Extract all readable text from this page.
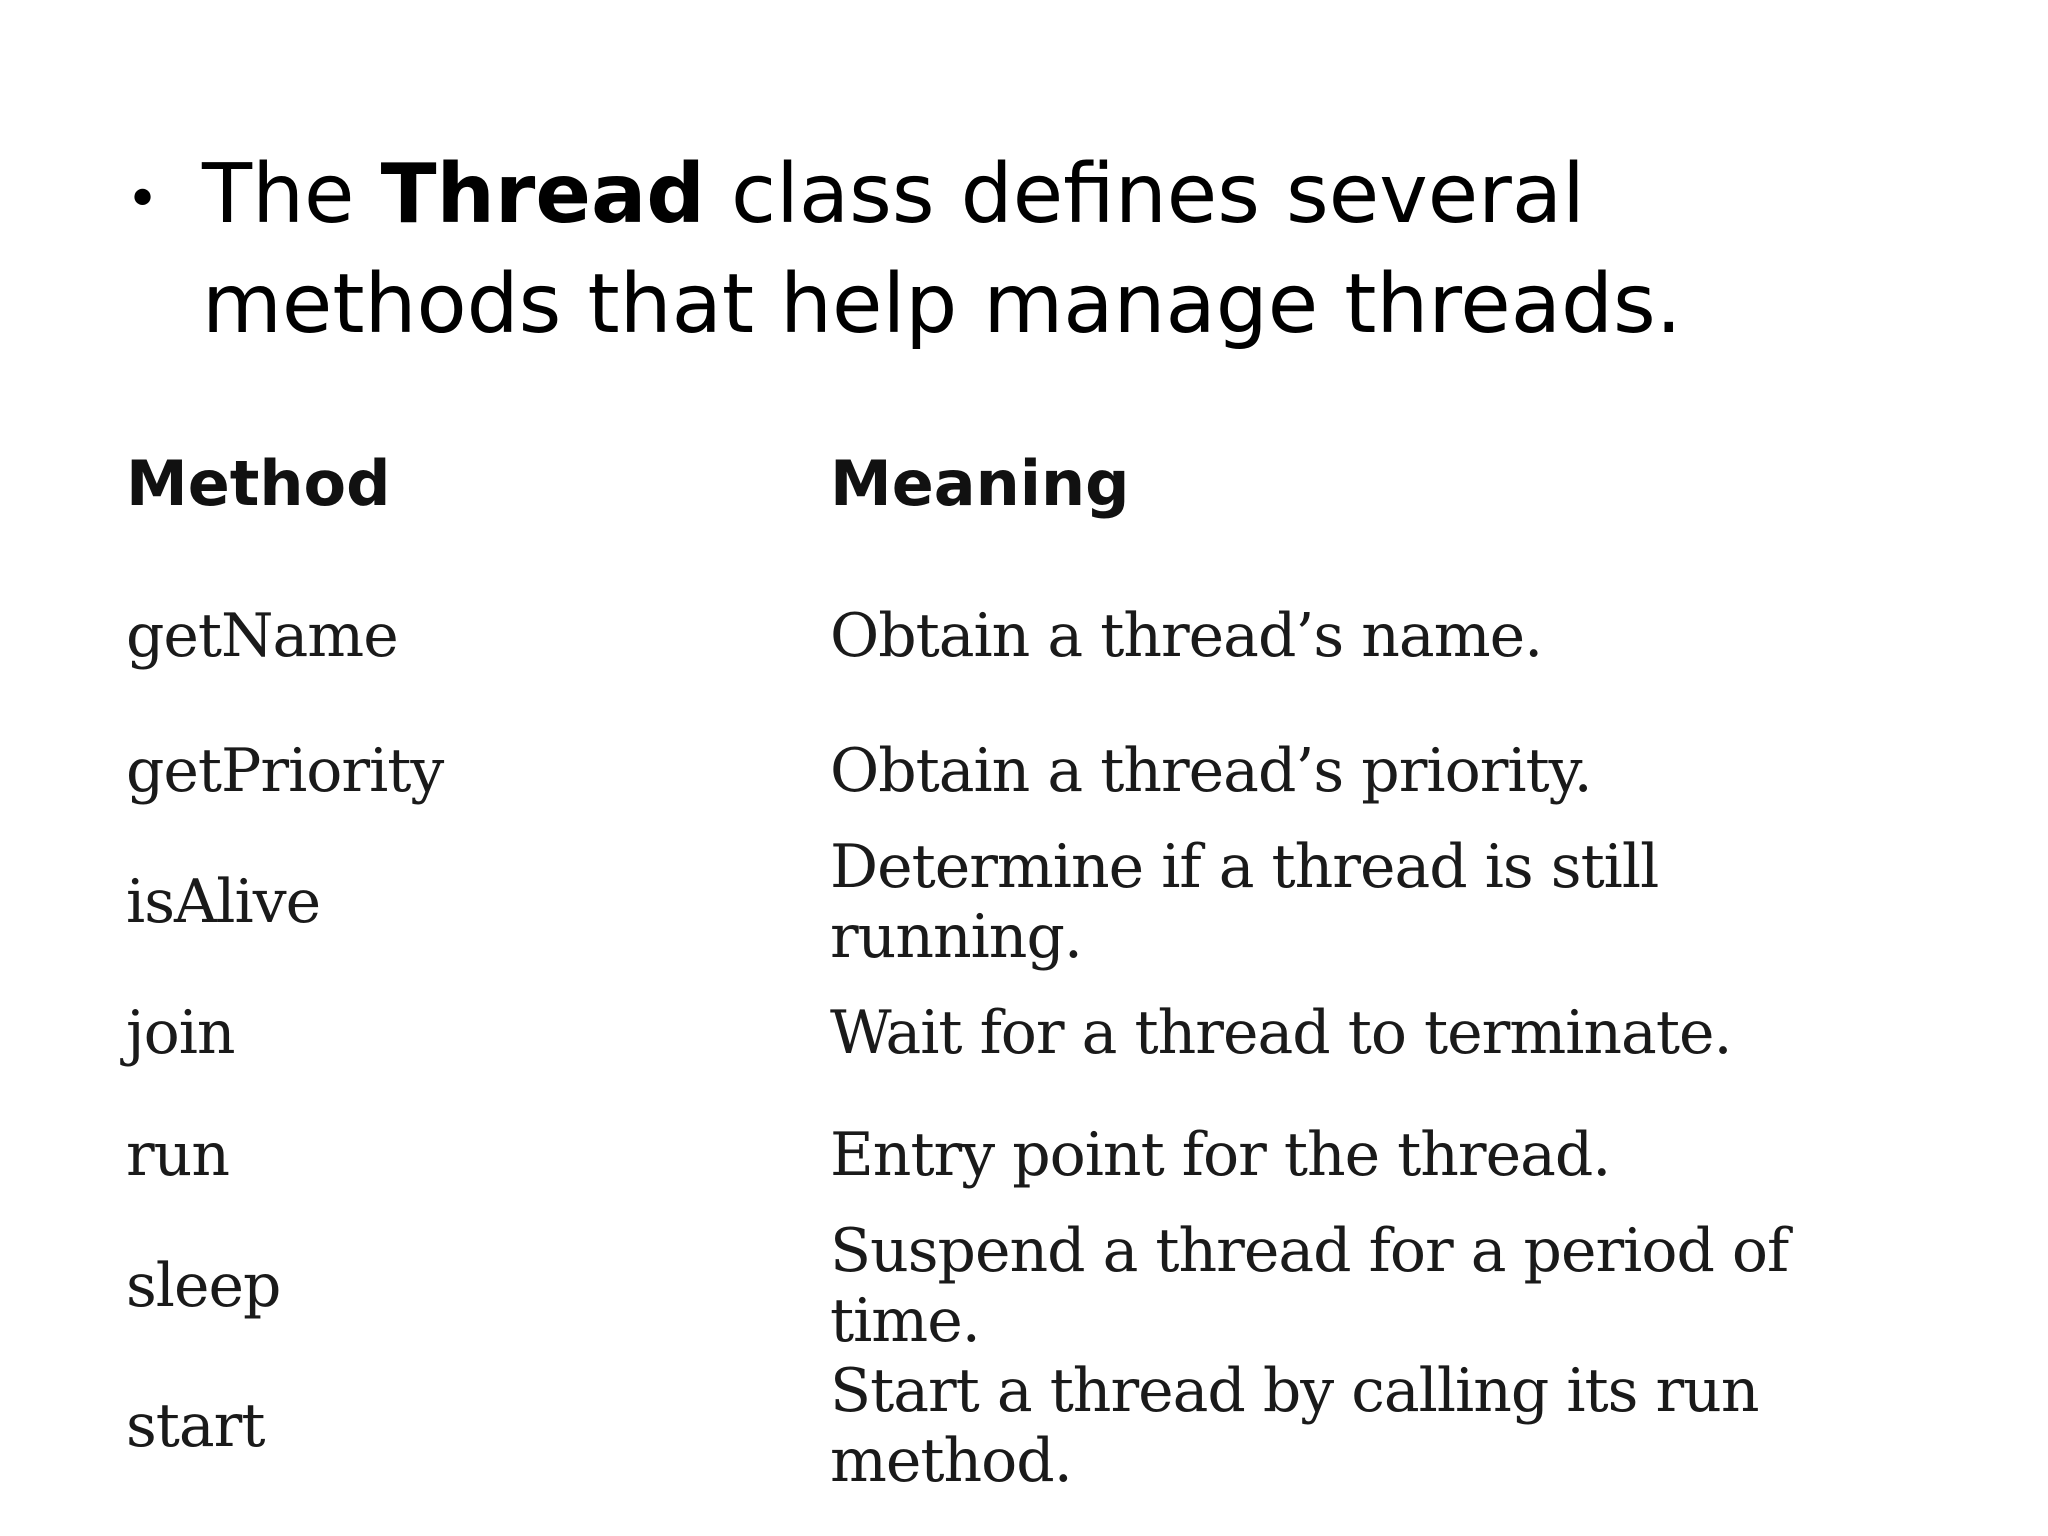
• The Thread class defines several methods that help manage threads.
Method	Meaning
getName	Obtain a thread’s name.
getPriority	Obtain a thread’s priority.
isAlive	Determine if a thread is still running.
join	Wait for a thread to terminate.
run	Entry point for the thread.
sleep	Suspend a thread for a period of time.
start	Start a thread by calling its run method.
